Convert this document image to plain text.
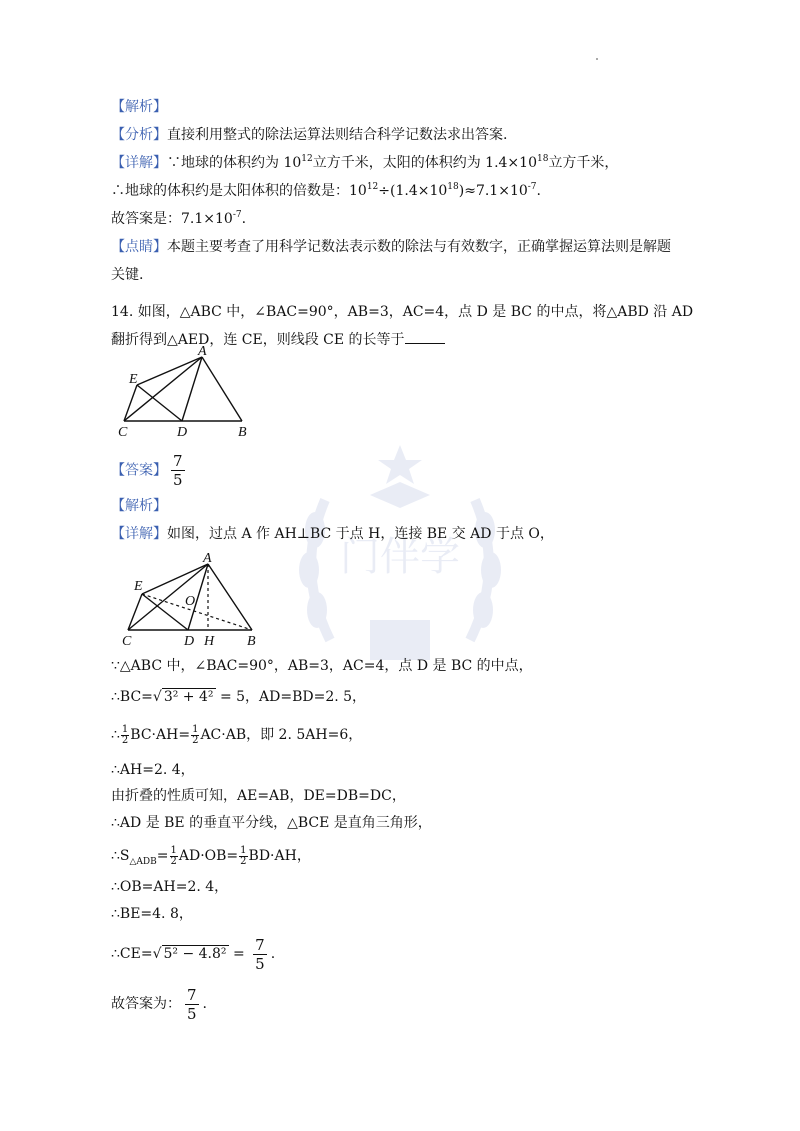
门伴学
【解析】
【分析】直接利用整式的除法运算法则结合科学记数法求出答案.
【详解】∵地球的体积约为 $10^{12}$立方千米，太阳的体积约为 $1.4\times 10^{18}$立方千米，
∴地球的体积约是太阳体积的倍数是：$10^{12}\div(1.4\times 10^{18})\approx 7.1\times 10^{-7}$.
故答案是：$7.1\times 10^{-7}$.
【点睛】本题主要考查了用科学记数法表示数的除法与有效数字，正确掌握运算法则是解题
关键.
14. 如图，△ABC 中，∠BAC=90°，AB=3，AC=4，点 D 是 BC 的中点，将△ABD 沿 AD
翻折得到△AED，连 CE，则线段 CE 的长等于
A
E
C	D	B
【答案】 $\frac{7}{5}$
【解析】
【详解】如图，过点 A 作 AH⊥BC 于点 H，连接 BE 交 AD 于点 O，
A
E
O
C	D H B
∵△ABC 中，∠BAC=90°，AB=3，AC=4，点 D 是 BC 的中点，
∴BC=√ 3² + 4² = 5，AD=BD=2. 5，
∴ $\frac{1}{2} BC\cdot AH= \frac{1}{2} AC\cdot AB$，即 2. 5AH=6，
∴AH=2. 4，
由折叠的性质可知，AE=AB，DE=DB=DC，
∴AD 是 BE 的垂直平分线，△BCE 是直角三角形，
$\therefore S_{\triangle ADB}= \frac{1}{2} AD\cdot OB= \frac{1}{2} BD\cdot AH$，
∴OB=AH=2. 4，
∴BE=4. 8，
∴CE=√ $5^2 - 4.8^2 = \frac{7}{5}$ .
故答案为： $\frac{7}{5}$ .
